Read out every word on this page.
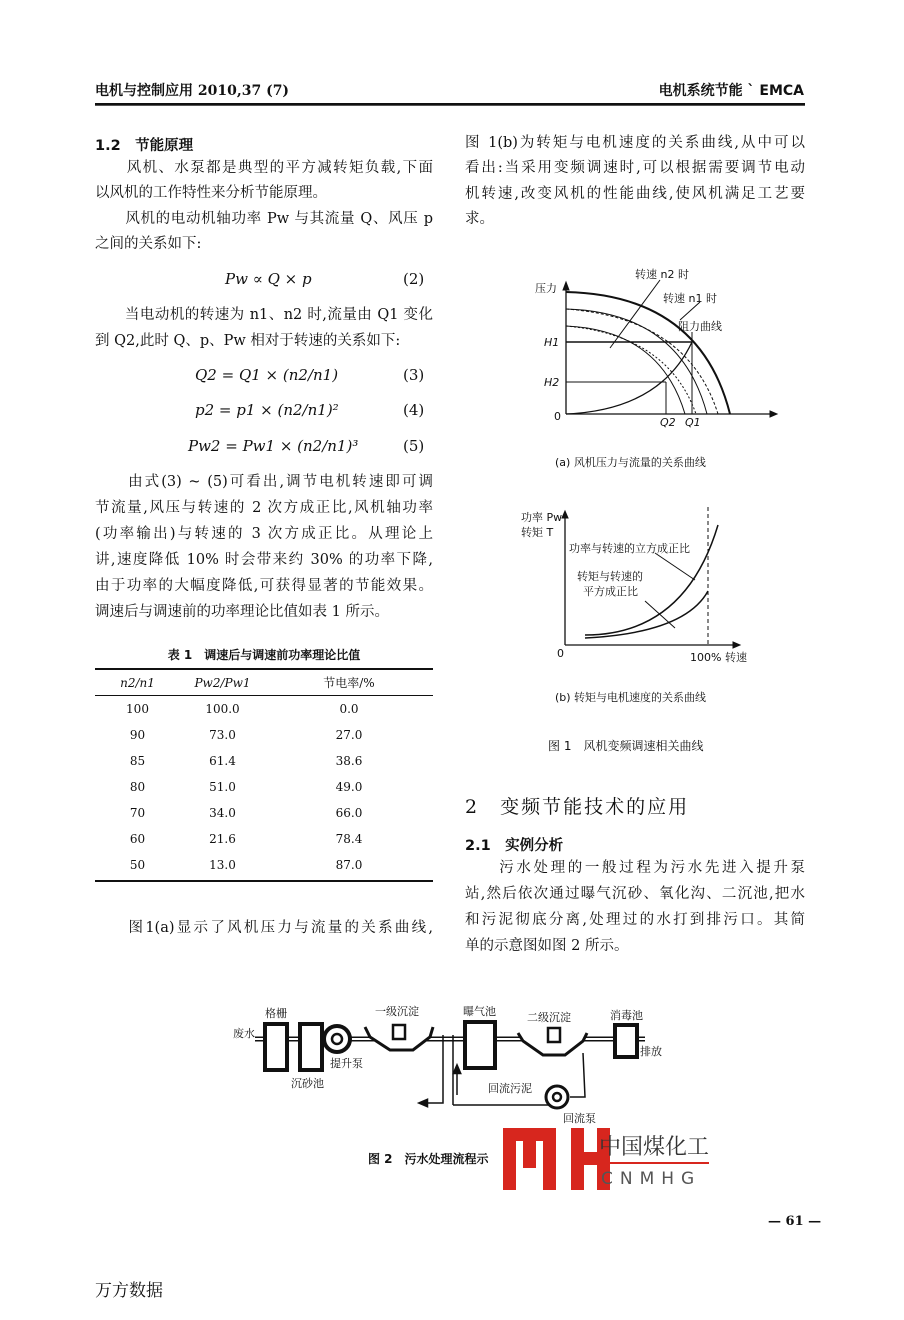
电机与控制应用 2010,37 (7)	电机系统节能 ` EMCA
1.2　节能原理
　　风机、水泵都是典型的平方减转矩负载,下面
以风机的工作特性来分析节能原理。
　　风机的电动机轴功率 Pw 与其流量 Q、风压 p
之间的关系如下:
Pw ∝ Q × p	(2)
　　当电动机的转速为 n1、n2 时,流量由 Q1 变化
到 Q2,此时 Q、p、Pw 相对于转速的关系如下:
Q2 = Q1 × (n2/n1)	(3)
p2 = p1 × (n2/n1)²	(4)
Pw2 = Pw1 × (n2/n1)³	(5)
　　由式(3) ~ (5)可看出,调节电机转速即可调
节流量,风压与转速的 2 次方成正比,风机轴功率
(功率输出)与转速的 3 次方成正比。从理论上
讲,速度降低 10% 时会带来约 30% 的功率下降,
由于功率的大幅度降低,可获得显著的节能效果。
调速后与调速前的功率理论比值如表 1 所示。
表 1　调速后与调速前功率理论比值
n2/n1	Pw2/Pw1	节电率/%
100	100.0	0.0
90	73.0	27.0
85	61.4	38.6
80	51.0	49.0
70	34.0	66.0
60	21.6	78.4
50	13.0	87.0
　　图1(a)显示了风机压力与流量的关系曲线,
图 1(b)为转矩与电机速度的关系曲线,从中可以
看出:当采用变频调速时,可以根据需要调节电动
机转速,改变风机的性能曲线,使风机满足工艺要
求。
压力
转速 n2 时
转速 n1 时
阻力曲线
H1
H2
0	Q2 Q1
(a) 风机压力与流量的关系曲线
功率 Pw
转矩 T
功率与转速的立方成正比
转矩与转速的
平方成正比
0	100% 转速
(b) 转矩与电机速度的关系曲线
图 1　风机变频调速相关曲线
2　变频节能技术的应用
2.1　实例分析
　　污水处理的一般过程为污水先进入提升泵
站,然后依次通过曝气沉砂、氧化沟、二沉池,把水
和污泥彻底分离,处理过的水打到排污口。其简
单的示意图如图 2 所示。
废水
格栅
沉砂池
提升泵
一级沉淀	曝气池	二级沉淀	消毒池
排放
回流污泥
回流泵
图 2　污水处理流程示	中国煤化工
CNMHG
— 61 —
万方数据
